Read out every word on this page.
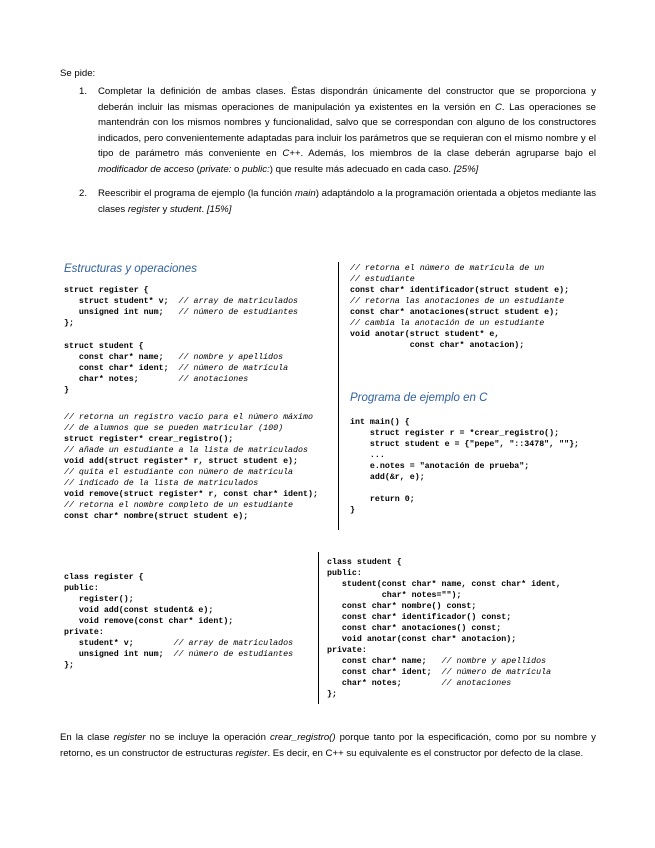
Se pide:
1. Completar la definición de ambas clases. Éstas dispondrán únicamente del constructor que se proporciona y deberán incluir las mismas operaciones de manipulación ya existentes en la versión en C. Las operaciones se mantendrán con los mismos nombres y funcionalidad, salvo que se correspondan con alguno de los constructores indicados, pero convenientemente adaptadas para incluir los parámetros que se requieran con el mismo nombre y el tipo de parámetro más conveniente en C++. Además, los miembros de la clase deberán agruparse bajo el modificador de acceso (private: o public:) que resulte más adecuado en cada caso. [25%]
2. Reescribir el programa de ejemplo (la función main) adaptándolo a la programación orientada a objetos mediante las clases register y student. [15%]
Estructuras y operaciones
struct register {
struct student* v;  // array de matriculados
unsigned int num;   // número de estudiantes
};
struct student {
const char* name;   // nombre y apellidos
const char* ident;  // número de matrícula
char* notes;        // anotaciones
}
// retorna un registro vacío para el número máximo
// de alumnos que se pueden matricular (100)
struct register* crear_registro();
// añade un estudiante a la lista de matriculados
void add(struct register* r, struct student e);
// quita el estudiante con número de matrícula
// indicado de la lista de matriculados
void remove(struct register* r, const char* ident);
// retorna el nombre completo de un estudiante
const char* nombre(struct student e);
// retorna el número de matrícula de un
// estudiante
const char* identificador(struct student e);
// retorna las anotaciones de un estudiante
const char* anotaciones(struct student e);
// cambia la anotación de un estudiante
void anotar(struct student* e,
const char* anotacion);
Programa de ejemplo en C
int main() {
struct register r = *crear_registro();
struct student e = {"pepe", "::3478", ""};
...
e.notes = "anotación de prueba";
add(&r, e);

return 0;
}
class register {
public:
register();
void add(const student& e);
void remove(const char* ident);
private:
student* v;        // array de matriculados
unsigned int num;  // número de estudiantes
};
class student {
public:
student(const char* name, const char* ident,
char* notes="");
const char* nombre() const;
const char* identificador() const;
const char* anotaciones() const;
void anotar(const char* anotacion);
private:
const char* name;   // nombre y apellidos
const char* ident;  // número de matrícula
char* notes;        // anotaciones
};
En la clase register no se incluye la operación crear_registro() porque tanto por la especificación, como por su nombre y retorno, es un constructor de estructuras register. Es decir, en C++ su equivalente es el constructor por defecto de la clase.
